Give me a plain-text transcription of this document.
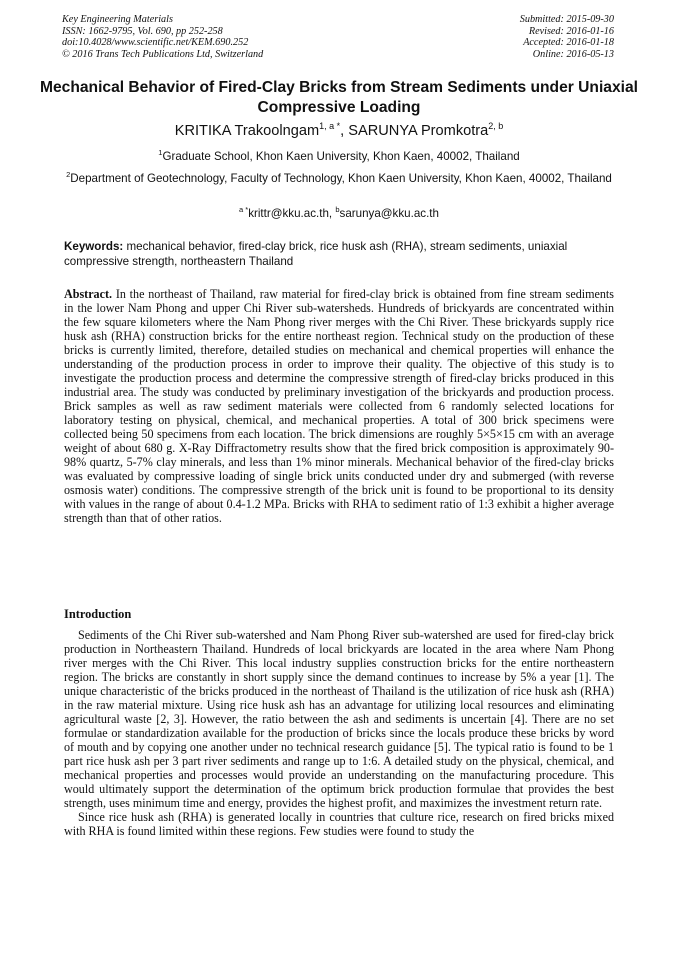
Key Engineering Materials
ISSN: 1662-9795, Vol. 690, pp 252-258
doi:10.4028/www.scientific.net/KEM.690.252
© 2016 Trans Tech Publications Ltd, Switzerland
Submitted: 2015-09-30
Revised: 2016-01-16
Accepted: 2016-01-18
Online: 2016-05-13
Mechanical Behavior of Fired-Clay Bricks from Stream Sediments under Uniaxial Compressive Loading
KRITIKA Trakoolngam$^{1, a *}$, SARUNYA Promkotra$^{2, b}$
$^1$Graduate School, Khon Kaen University, Khon Kaen, 40002, Thailand
$^2$Department of Geotechnology, Faculty of Technology, Khon Kaen University, Khon Kaen, 40002, Thailand
$^{a *}$krittr@kku.ac.th, $^b$sarunya@kku.ac.th
Keywords: mechanical behavior, fired-clay brick, rice husk ash (RHA), stream sediments, uniaxial compressive strength, northeastern Thailand
Abstract. In the northeast of Thailand, raw material for fired-clay brick is obtained from fine stream sediments in the lower Nam Phong and upper Chi River sub-watersheds. Hundreds of brickyards are concentrated within the few square kilometers where the Nam Phong river merges with the Chi River. These brickyards supply rice husk ash (RHA) construction bricks for the entire northeast region. Technical study on the production of these bricks is currently limited, therefore, detailed studies on mechanical and chemical properties will enhance the understanding of the production process in order to improve their quality. The objective of this study is to investigate the production process and determine the compressive strength of fired-clay bricks produced in this industrial area. The study was conducted by preliminary investigation of the brickyards and production process. Brick samples as well as raw sediment materials were collected from 6 randomly selected locations for laboratory testing on physical, chemical, and mechanical properties. A total of 300 brick specimens were collected being 50 specimens from each location. The brick dimensions are roughly 5×5×15 cm with an average weight of about 680 g. X-Ray Diffractometry results show that the fired brick composition is approximately 90-98% quartz, 5-7% clay minerals, and less than 1% minor minerals. Mechanical behavior of the fired-clay bricks was evaluated by compressive loading of single brick units conducted under dry and submerged (with reverse osmosis water) conditions. The compressive strength of the brick unit is found to be proportional to its density with values in the range of about 0.4-1.2 MPa. Bricks with RHA to sediment ratio of 1:3 exhibit a higher average strength than that of other ratios.
Introduction

Sediments of the Chi River sub-watershed and Nam Phong River sub-watershed are used for fired-clay brick production in Northeastern Thailand. Hundreds of local brickyards are located in the area where Nam Phong river merges with the Chi River. This local industry supplies construction bricks for the entire northeastern region. The bricks are constantly in short supply since the demand continues to increase by 5% a year [1]. The unique characteristic of the bricks produced in the northeast of Thailand is the utilization of rice husk ash (RHA) in the raw material mixture. Using rice husk ash has an advantage for utilizing local resources and eliminating agricultural waste [2, 3]. However, the ratio between the ash and sediments is uncertain [4]. There are no set formulae or standardization available for the production of bricks since the locals produce these bricks by word of mouth and by copying one another under no technical research guidance [5]. The typical ratio is found to be 1 part rice husk ash per 3 part river sediments and range up to 1:6. A detailed study on the physical, chemical, and mechanical properties and processes would provide an understanding on the manufacturing procedure. This would ultimately support the determination of the optimum brick production formulae that provides the best strength, uses minimum time and energy, provides the highest profit, and maximizes the investment return rate.

Since rice husk ash (RHA) is generated locally in countries that culture rice, research on fired bricks mixed with RHA is found limited within these regions. Few studies were found to study the
